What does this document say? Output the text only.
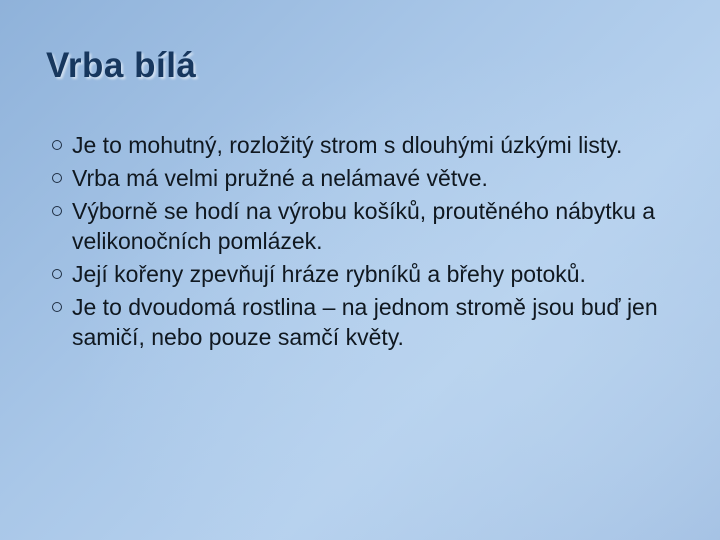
Vrba bílá
Je to mohutný, rozložitý strom s dlouhými úzkými listy.
Vrba má velmi pružné a nelámavé větve.
Výborně se hodí na výrobu košíků, proutěného nábytku a velikonočních pomlázek.
Její kořeny zpevňují hráze rybníků a břehy potoků.
Je to dvoudomá rostlina – na jednom stromě jsou buď jen samičí, nebo pouze samčí květy.
